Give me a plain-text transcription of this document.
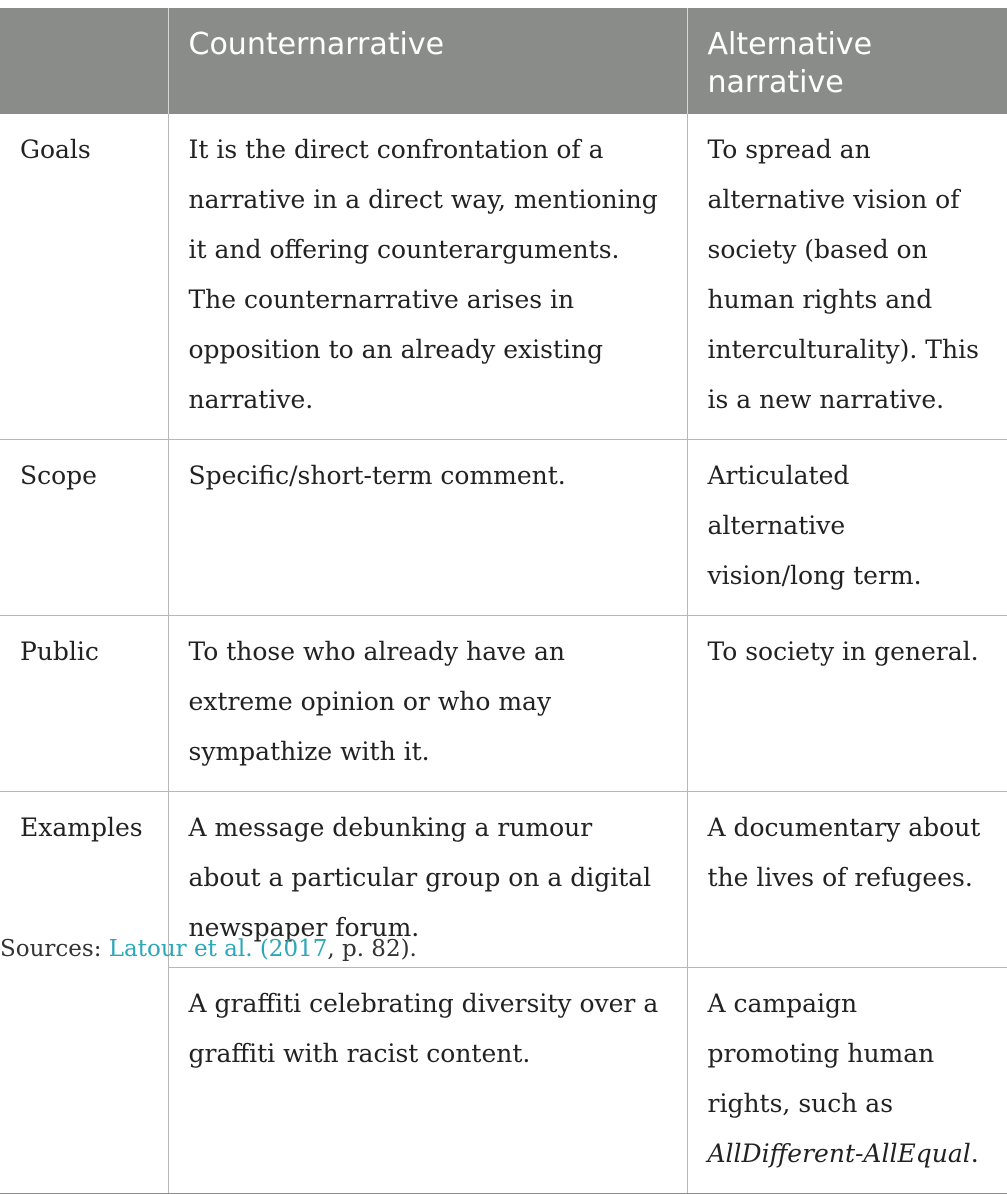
	Counternarrative	Alternative narrative
Goals	It is the direct confrontation of a narrative in a direct way, mentioning it and offering counterarguments. The counternarrative arises in opposition to an already existing narrative.	To spread an alternative vision of society (based on human rights and interculturality). This is a new narrative.
Scope	Specific/short-term comment.	Articulated alternative vision/long term.
Public	To those who already have an extreme opinion or who may sympathize with it.	To society in general.
Examples	A message debunking a rumour about a particular group on a digital newspaper forum.	A documentary about the lives of refugees.
	A graffiti celebrating diversity over a graffiti with racist content.	A campaign promoting human rights, such as AllDifferent-AllEqual.
Sources: Latour et al. (2017, p. 82).
